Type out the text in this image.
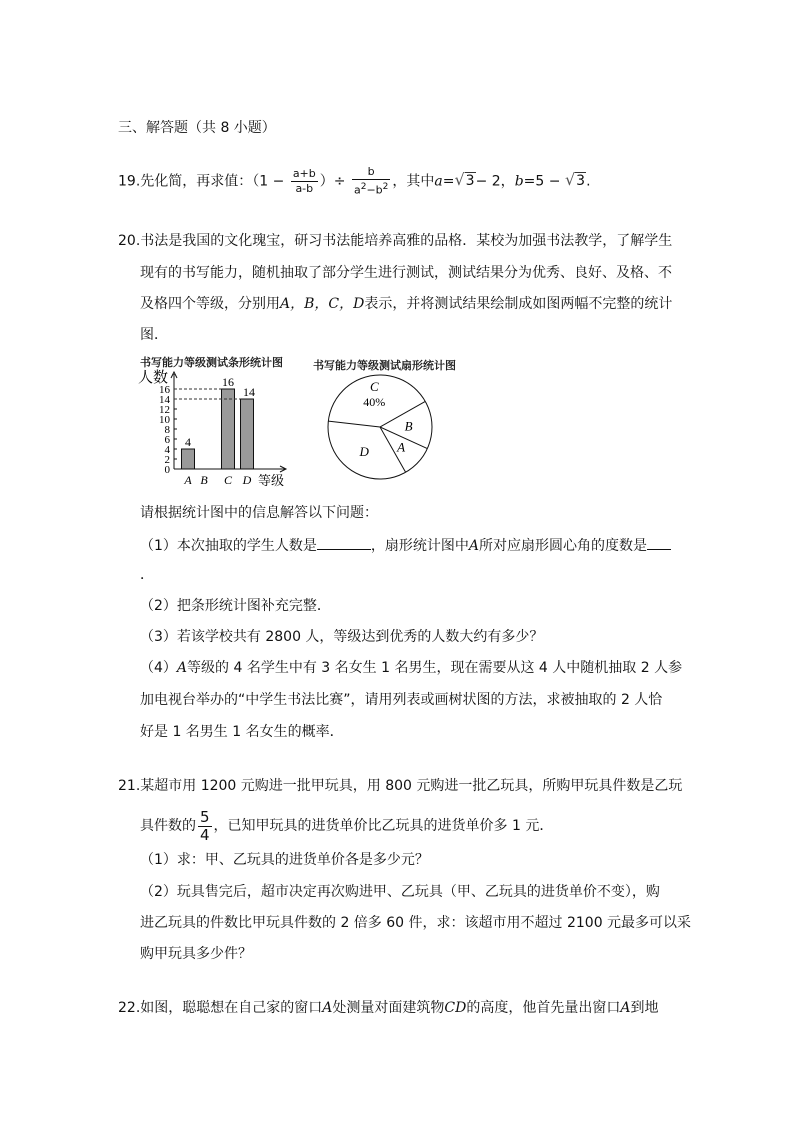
三、解答题（共 8 小题）
19.先化简，再求值：（$1 - \frac{a+b}{a-b}$ ）÷ $\frac{b}{a^2-b^2}$ ，其中a=√3− 2，b=5 − √3.
20.书法是我国的文化瑰宝，研习书法能培养高雅的品格．某校为加强书法教学，了解学生
现有的书写能力，随机抽取了部分学生进行测试，测试结果分为优秀、良好、及格、不
及格四个等级，分别用A，B，C，D表示，并将测试结果绘制成如图两幅不完整的统计
图．
书写能力等级测试条形统计图
人数
0
2
4
6
8
10
12
14
16
A
4
B C
16
D
14
等级
书写能力等级测试扇形统计图
C
40%
B
A
D
请根据统计图中的信息解答以下问题：
（1）本次抽取的学生人数是	，扇形统计图中A所对应扇形圆心角的度数是
．
（2）把条形统计图补充完整．
（3）若该学校共有 2800 人，等级达到优秀的人数大约有多少？
（4）A等级的 4 名学生中有 3 名女生 1 名男生，现在需要从这 4 人中随机抽取 2 人参
加电视台举办的“中学生书法比赛”，请用列表或画树状图的方法，求被抽取的 2 人恰
好是 1 名男生 1 名女生的概率．
21.某超市用 1200 元购进一批甲玩具，用 800 元购进一批乙玩具，所购甲玩具件数是乙玩
具件数的 $\frac{5}{4}$ ，已知甲玩具的进货单价比乙玩具的进货单价多 1 元．
（1）求：甲、乙玩具的进货单价各是多少元？
（2）玩具售完后，超市决定再次购进甲、乙玩具（甲、乙玩具的进货单价不变），购
进乙玩具的件数比甲玩具件数的 2 倍多 60 件，求：该超市用不超过 2100 元最多可以采
购甲玩具多少件？
22.如图，聪聪想在自己家的窗口A处测量对面建筑物CD的高度，他首先量出窗口A到地
